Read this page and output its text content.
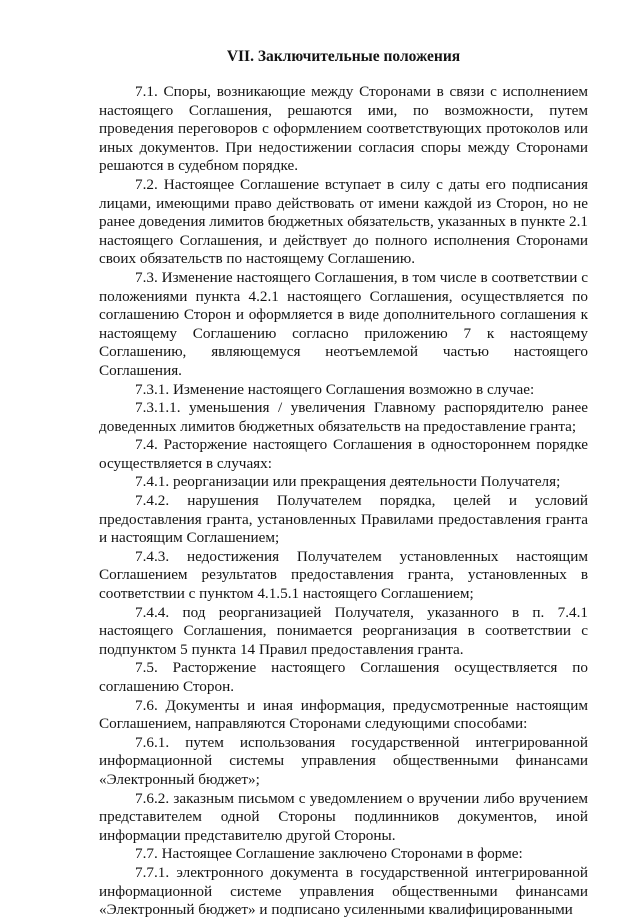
VII. Заключительные положения

7.1. Споры, возникающие между Сторонами в связи с исполнением настоящего Соглашения, решаются ими, по возможности, путем проведения переговоров с оформлением соответствующих протоколов или иных документов. При недостижении согласия споры между Сторонами решаются в судебном порядке.

7.2. Настоящее Соглашение вступает в силу с даты его подписания лицами, имеющими право действовать от имени каждой из Сторон, но не ранее доведения лимитов бюджетных обязательств, указанных в пункте 2.1 настоящего Соглашения, и действует до полного исполнения Сторонами своих обязательств по настоящему Соглашению.

7.3. Изменение настоящего Соглашения, в том числе в соответствии с положениями пункта 4.2.1 настоящего Соглашения, осуществляется по соглашению Сторон и оформляется в виде дополнительного соглашения к настоящему Соглашению согласно приложению 7 к настоящему Соглашению, являющемуся неотъемлемой частью настоящего Соглашения.

7.3.1. Изменение настоящего Соглашения возможно в случае:

7.3.1.1. уменьшения / увеличения Главному распорядителю ранее доведенных лимитов бюджетных обязательств на предоставление гранта;

7.4. Расторжение настоящего Соглашения в одностороннем порядке осуществляется в случаях:

7.4.1. реорганизации или прекращения деятельности Получателя;

7.4.2. нарушения Получателем порядка, целей и условий предоставления гранта, установленных Правилами предоставления гранта и настоящим Соглашением;

7.4.3. недостижения Получателем установленных настоящим Соглашением результатов предоставления гранта, установленных в соответствии с пунктом 4.1.5.1 настоящего Соглашением;

7.4.4. под реорганизацией Получателя, указанного в п. 7.4.1 настоящего Соглашения, понимается реорганизация в соответствии с подпунктом 5 пункта 14 Правил предоставления гранта.

7.5. Расторжение настоящего Соглашения осуществляется по соглашению Сторон.

7.6. Документы и иная информация, предусмотренные настоящим Соглашением, направляются Сторонами следующими способами:

7.6.1. путем использования государственной интегрированной информационной системы управления общественными финансами «Электронный бюджет»;

7.6.2. заказным письмом с уведомлением о вручении либо вручением представителем одной Стороны подлинников документов, иной информации представителю другой Стороны.

7.7. Настоящее Соглашение заключено Сторонами в форме:

7.7.1. электронного документа в государственной интегрированной информационной системе управления общественными финансами «Электронный бюджет» и подписано усиленными квалифицированными
